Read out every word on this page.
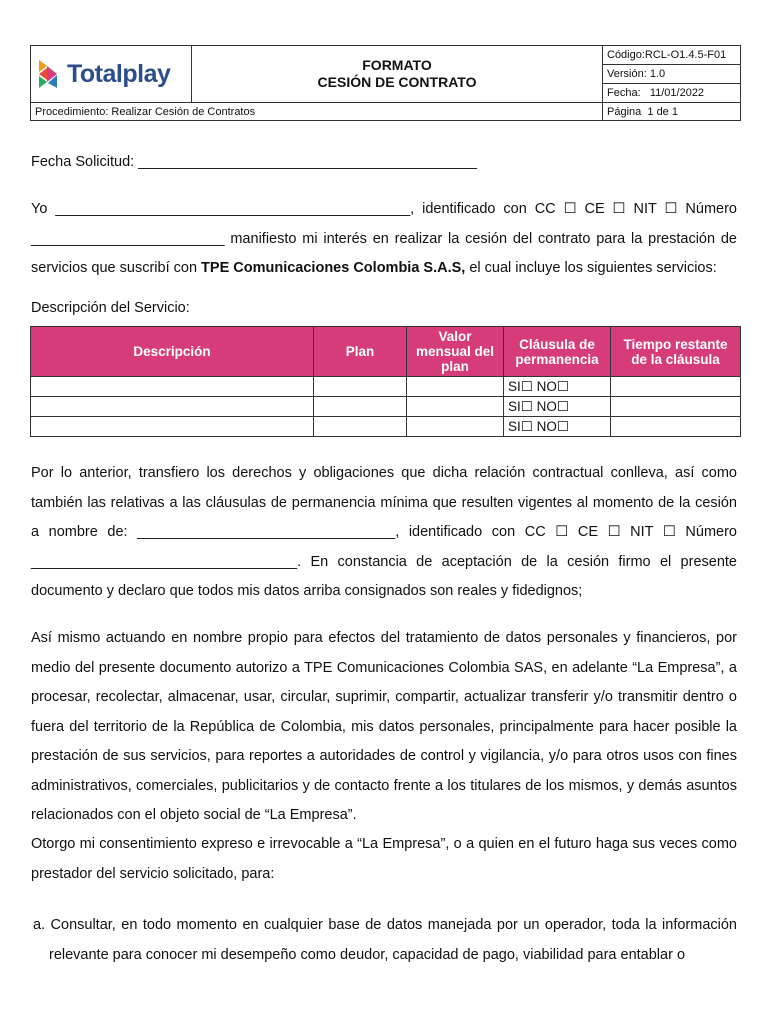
Totalplay	FORMATO
CESIÓN DE CONTRATO	Código:RCL-O1.4.5-F01
		Versión: 1.0
		Fecha: 11/01/2022
Procedimiento: Realizar Cesión de Contratos		Página 1 de 1

Fecha Solicitud: __________________________________________

Yo ____________________________________________, identificado con CC ☐ CE ☐ NIT ☐ Número ________________________ manifiesto mi interés en realizar la cesión del contrato para la prestación de servicios que suscribí con TPE Comunicaciones Colombia S.A.S, el cual incluye los siguientes servicios:

Descripción del Servicio:

Descripción	Plan	Valor mensual del plan	Cláusula de permanencia	Tiempo restante de la cláusula
			SI☐ NO☐	
			SI☐ NO☐	
			SI☐ NO☐	

Por lo anterior, transfiero los derechos y obligaciones que dicha relación contractual conlleva, así como también las relativas a las cláusulas de permanencia mínima que resulten vigentes al momento de la cesión a nombre de: ________________________________, identificado con CC ☐ CE ☐ NIT ☐ Número _________________________________. En constancia de aceptación de la cesión firmo el presente documento y declaro que todos mis datos arriba consignados son reales y fidedignos;

Así mismo actuando en nombre propio para efectos del tratamiento de datos personales y financieros, por medio del presente documento autorizo a TPE Comunicaciones Colombia SAS, en adelante “La Empresa”, a procesar, recolectar, almacenar, usar, circular, suprimir, compartir, actualizar transferir y/o transmitir dentro o fuera del territorio de la República de Colombia, mis datos personales, principalmente para hacer posible la prestación de sus servicios, para reportes a autoridades de control y vigilancia, y/o para otros usos con fines administrativos, comerciales, publicitarios y de contacto frente a los titulares de los mismos, y demás asuntos relacionados con el objeto social de “La Empresa”.

Otorgo mi consentimiento expreso e irrevocable a “La Empresa”, o a quien en el futuro haga sus veces como prestador del servicio solicitado, para:

a. Consultar, en todo momento en cualquier base de datos manejada por un operador, toda la información relevante para conocer mi desempeño como deudor, capacidad de pago, viabilidad para entablar o
